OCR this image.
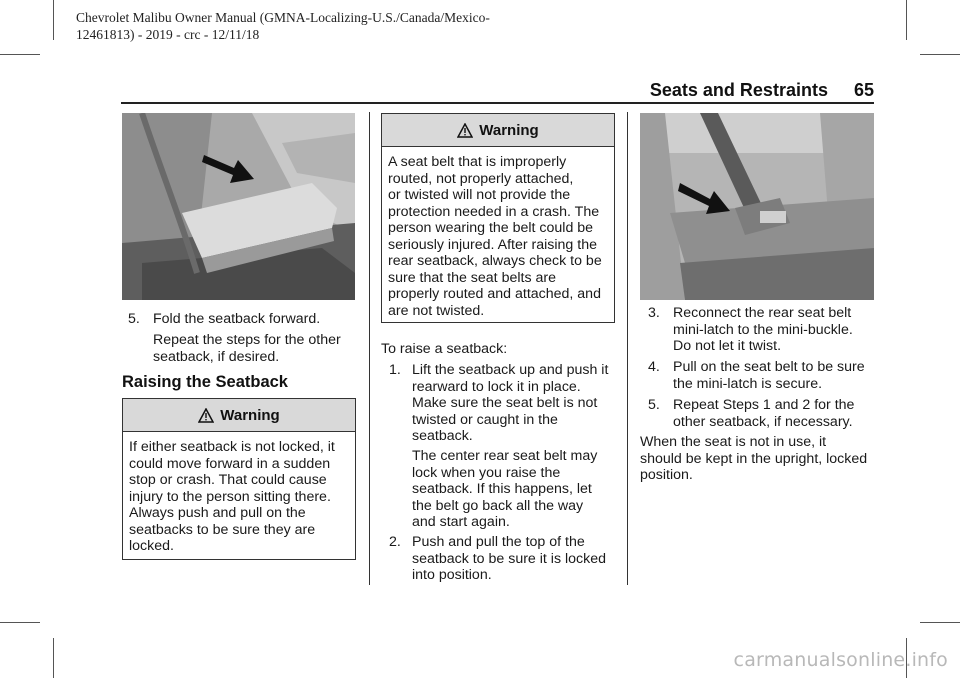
Chevrolet Malibu Owner Manual (GMNA-Localizing-U.S./Canada/Mexico-
12461813) - 2019 - crc - 12/11/18
Seats and Restraints 65
5. Fold the seatback forward.
Repeat the steps for the other
seatback, if desired.
Raising the Seatback
Warning
If either seatback is not locked, it
could move forward in a sudden
stop or crash. That could cause
injury to the person sitting there.
Always push and pull on the
seatbacks to be sure they are
locked.
Warning
A seat belt that is improperly
routed, not properly attached,
or twisted will not provide the
protection needed in a crash. The
person wearing the belt could be
seriously injured. After raising the
rear seatback, always check to be
sure that the seat belts are
properly routed and attached, and
are not twisted.
To raise a seatback:
1. Lift the seatback up and push it
rearward to lock it in place.
Make sure the seat belt is not
twisted or caught in the
seatback.
The center rear seat belt may
lock when you raise the
seatback. If this happens, let
the belt go back all the way
and start again.
2. Push and pull the top of the
seatback to be sure it is locked
into position.
3. Reconnect the rear seat belt
mini-latch to the mini-buckle.
Do not let it twist.
4. Pull on the seat belt to be sure
the mini-latch is secure.
5. Repeat Steps 1 and 2 for the
other seatback, if necessary.
When the seat is not in use, it
should be kept in the upright, locked
position.
carmanualsonline.info
